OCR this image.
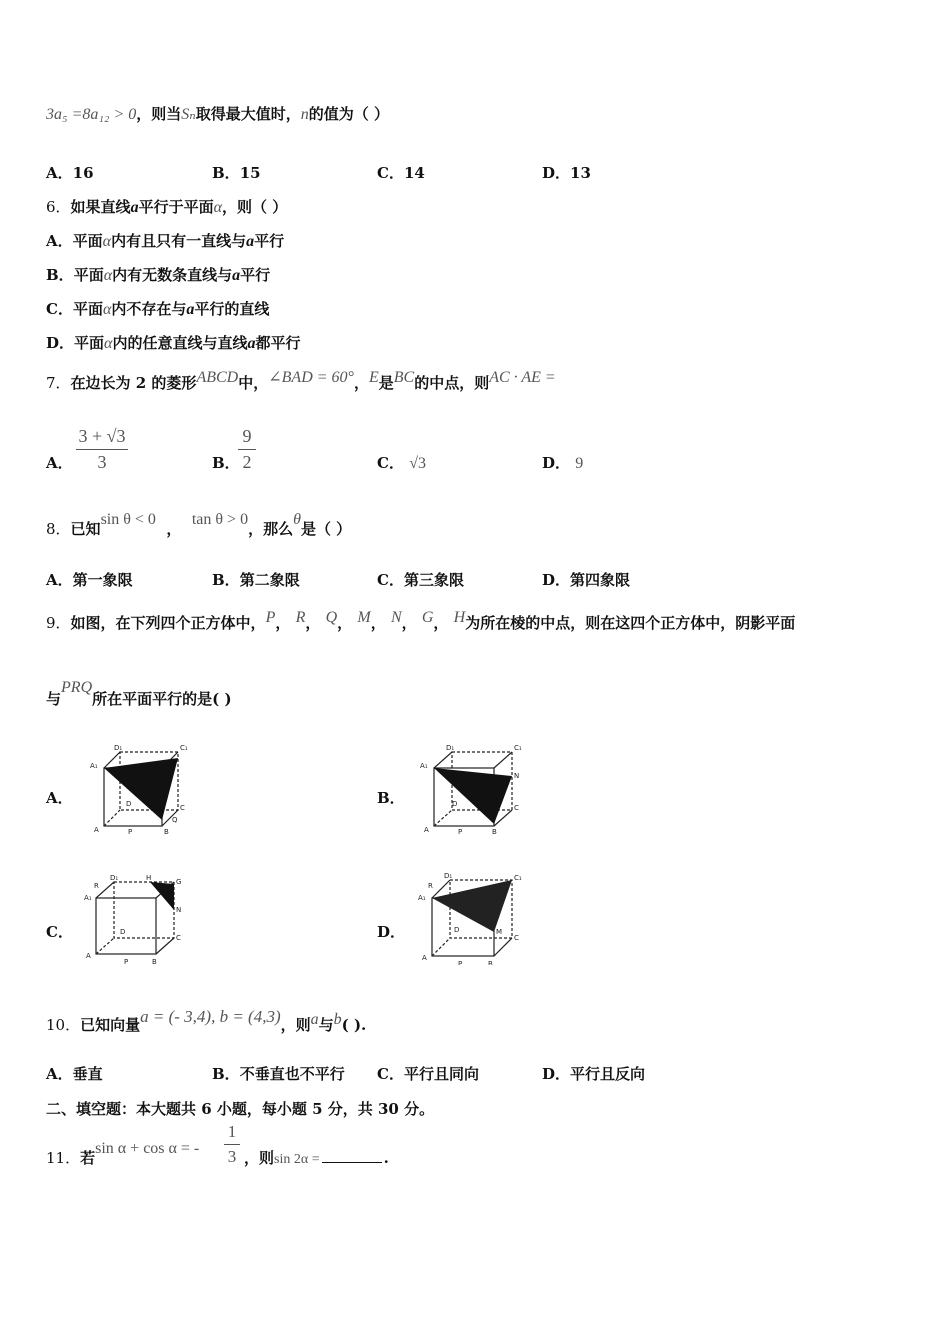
3a₅ =8a₁₂ > 0，则当Sₙ取得最大值时，n的值为（ ）
A．16	B．15	C．14	D．13
6．如果直线a平行于平面α，则（ ）
A．平面α内有且只有一直线与a平行
B．平面α内有无数条直线与a平行
C．平面α内不存在与a平行的直线
D．平面α内的任意直线与直线a都平行
7．在边长为 2 的菱形ABCD中，∠BAD = 60°，E是BC的中点，则AC · AE =
A．
3 + √3
3	B．
9
2	C． √3	D． 9
8．已知sin θ < 0  ，  tan θ > 0，那么θ是（ ）
A．第一象限	B．第二象限	C．第三象限	D．第四象限
9．如图，在下列四个正方体中，P， R， Q， M， N， G， H为所在棱的中点，则在这四个正方体中，阴影平面
与PRQ所在平面平行的是( )
A．
D₁	C₁
A₁
D	C
A	B
P
Q
B．
D₁	C₁
A₁
D	C
A	B
P
N
C．
D₁	H	G
R
A₁
D
C
A
B
P
N
D．
D₁	C₁
R
A₁
D	M
C
A
B
P
10．已知向量a = (- 3,4), b = (4,3)，则a与b( ).
A．垂直	B．不垂直也不平行 C．平行且同向	D．平行且反向
二、填空题：本大题共 6 小题，每小题 5 分，共 30 分。
11．若sin α + cos α = -
1
3 ，则sin 2α =	.
